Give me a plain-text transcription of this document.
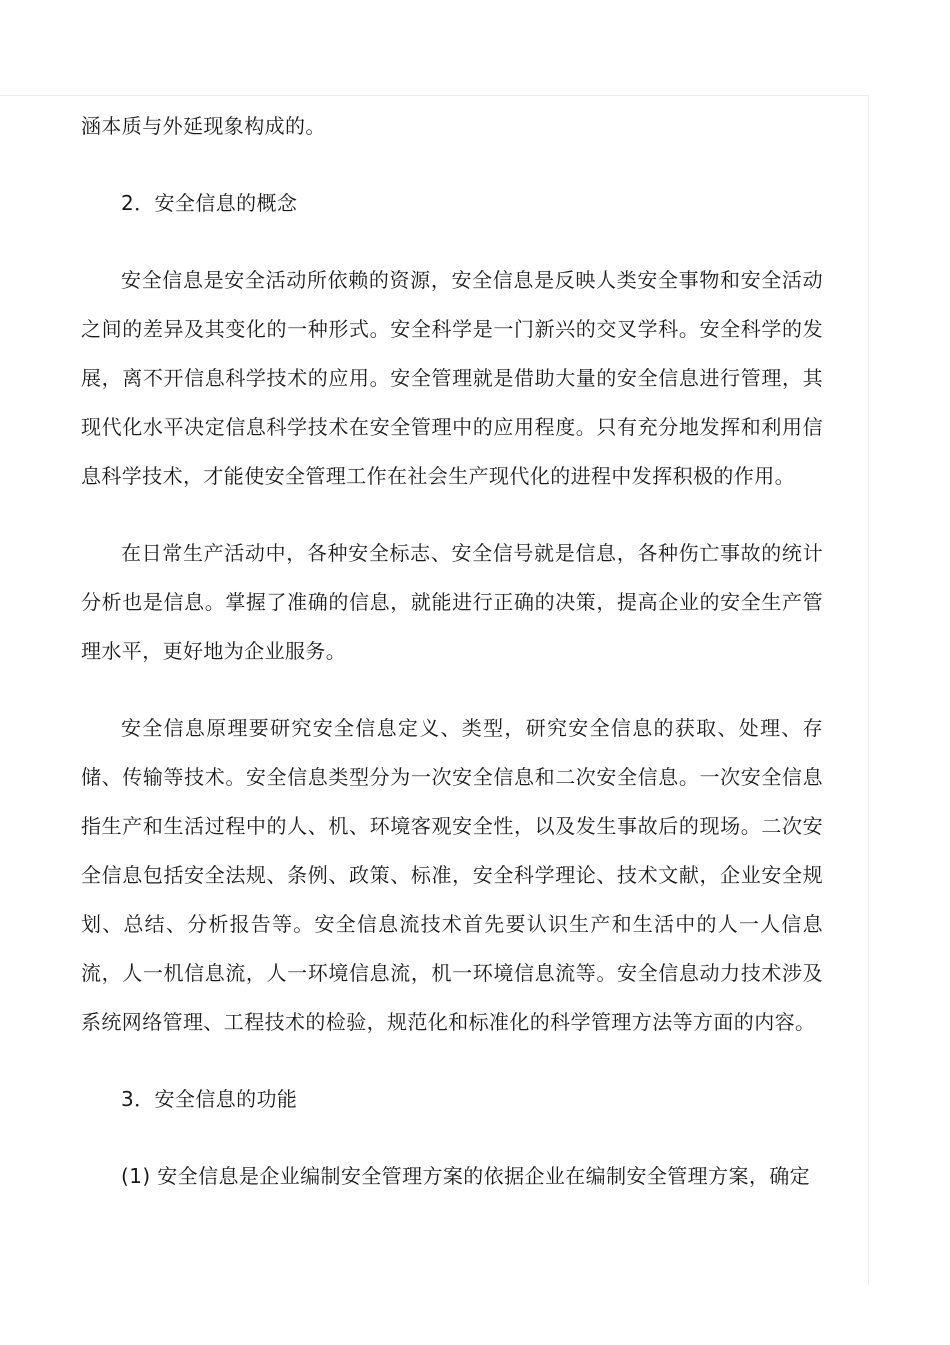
涵本质与外延现象构成的。

2．安全信息的概念

安全信息是安全活动所依赖的资源，安全信息是反映人类安全事物和安全活动之间的差异及其变化的一种形式。安全科学是一门新兴的交叉学科。安全科学的发展，离不开信息科学技术的应用。安全管理就是借助大量的安全信息进行管理，其现代化水平决定信息科学技术在安全管理中的应用程度。只有充分地发挥和利用信息科学技术，才能使安全管理工作在社会生产现代化的进程中发挥积极的作用。

在日常生产活动中，各种安全标志、安全信号就是信息，各种伤亡事故的统计分析也是信息。掌握了准确的信息，就能进行正确的决策，提高企业的安全生产管理水平，更好地为企业服务。

安全信息原理要研究安全信息定义、类型，研究安全信息的获取、处理、存储、传输等技术。安全信息类型分为一次安全信息和二次安全信息。一次安全信息指生产和生活过程中的人、机、环境客观安全性，以及发生事故后的现场。二次安全信息包括安全法规、条例、政策、标准，安全科学理论、技术文献，企业安全规划、总结、分析报告等。安全信息流技术首先要认识生产和生活中的人一人信息流，人一机信息流，人一环境信息流，机一环境信息流等。安全信息动力技术涉及系统网络管理、工程技术的检验，规范化和标准化的科学管理方法等方面的内容。

3．安全信息的功能

(1) 安全信息是企业编制安全管理方案的依据企业在编制安全管理方案，确定
